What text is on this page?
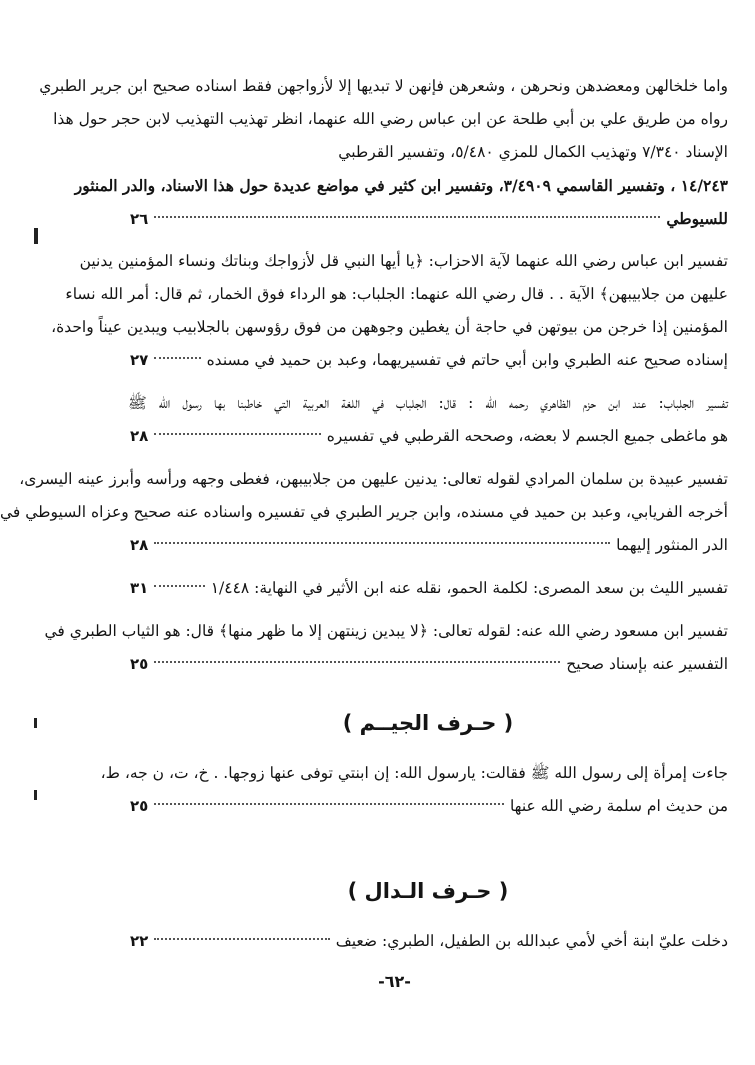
واما خلخالهن ومعضدهن ونحرهن ، وشعرهن فإنهن لا تبديها إلا لأزواجهن فقط اسناده صحيح ابن جرير الطبري
رواه من طريق علي بن أبي طلحة عن ابن عباس رضي الله عنهما، انظر تهذيب التهذيب لابن حجر حول هذا
الإسناد ٧/٣٤٠ وتهذيب الكمال للمزي ٥/٤٨٠، وتفسير القرطبي
١٤/٢٤٣ ، وتفسير القاسمي ٣/٤٩٠٩، وتفسير ابن كثير في مواضع عديدة حول هذا الاسناد، والدر المنثور
للسيوطي
٢٦
تفسير ابن عباس رضي الله عنهما لآية الاحزاب: ﴿يا أيها النبي قل لأزواجك وبناتك ونساء المؤمنين يدنين
عليهن من جلابيبهن﴾ الآية . . قال رضي الله عنهما: الجلباب: هو الرداء فوق الخمار، ثم قال: أمر الله نساء
المؤمنين إذا خرجن من بيوتهن في حاجة أن يغطين وجوههن من فوق رؤوسهن بالجلابيب ويبدين عيناً واحدة،
إسناده صحيح عنه الطبري وابن أبي حاتم في تفسيريهما، وعبد بن حميد في مسنده
٢٧
تفسير الجلباب: عند ابن حزم الظاهري رحمه الله : قال: الجلباب في اللغة العربية التي خاطبنا بها رسول الله ﷺ
هو ماغطى جميع الجسم لا بعضه، وصححه القرطبي في تفسيره
٢٨
تفسير عبيدة بن سلمان المرادي لقوله تعالى: يدنين عليهن من جلابيبهن، فغطى وجهه ورأسه وأبرز عينه اليسرى،
أخرجه الفريابي، وعبد بن حميد في مسنده، وابن جرير الطبري في تفسيره واسناده عنه صحيح وعزاه السيوطي في
الدر المنثور إليهما
٢٨
تفسير الليث بن سعد المصرى: لكلمة الحمو، نقله عنه ابن الأثير في النهاية: ١/٤٤٨
٣١
تفسير ابن مسعود رضي الله عنه: لقوله تعالى: ﴿لا يبدين زينتهن إلا ما ظهر منها﴾ قال: هو الثياب الطبري في
التفسير عنه بإسناد صحيح
٢٥
( حـرف الجيــم )
جاءت إمرأة إلى رسول الله ﷺ فقالت: يارسول الله: إن ابنتي توفى عنها زوجها. . خ، ت، ن جه، ط،
من حديث ام سلمة رضي الله عنها
٢٥
( حـرف الـدال )
دخلت عليّ ابنة أخي لأمي عبدالله بن الطفيل، الطبري: ضعيف
٢٢
-٦٢-
